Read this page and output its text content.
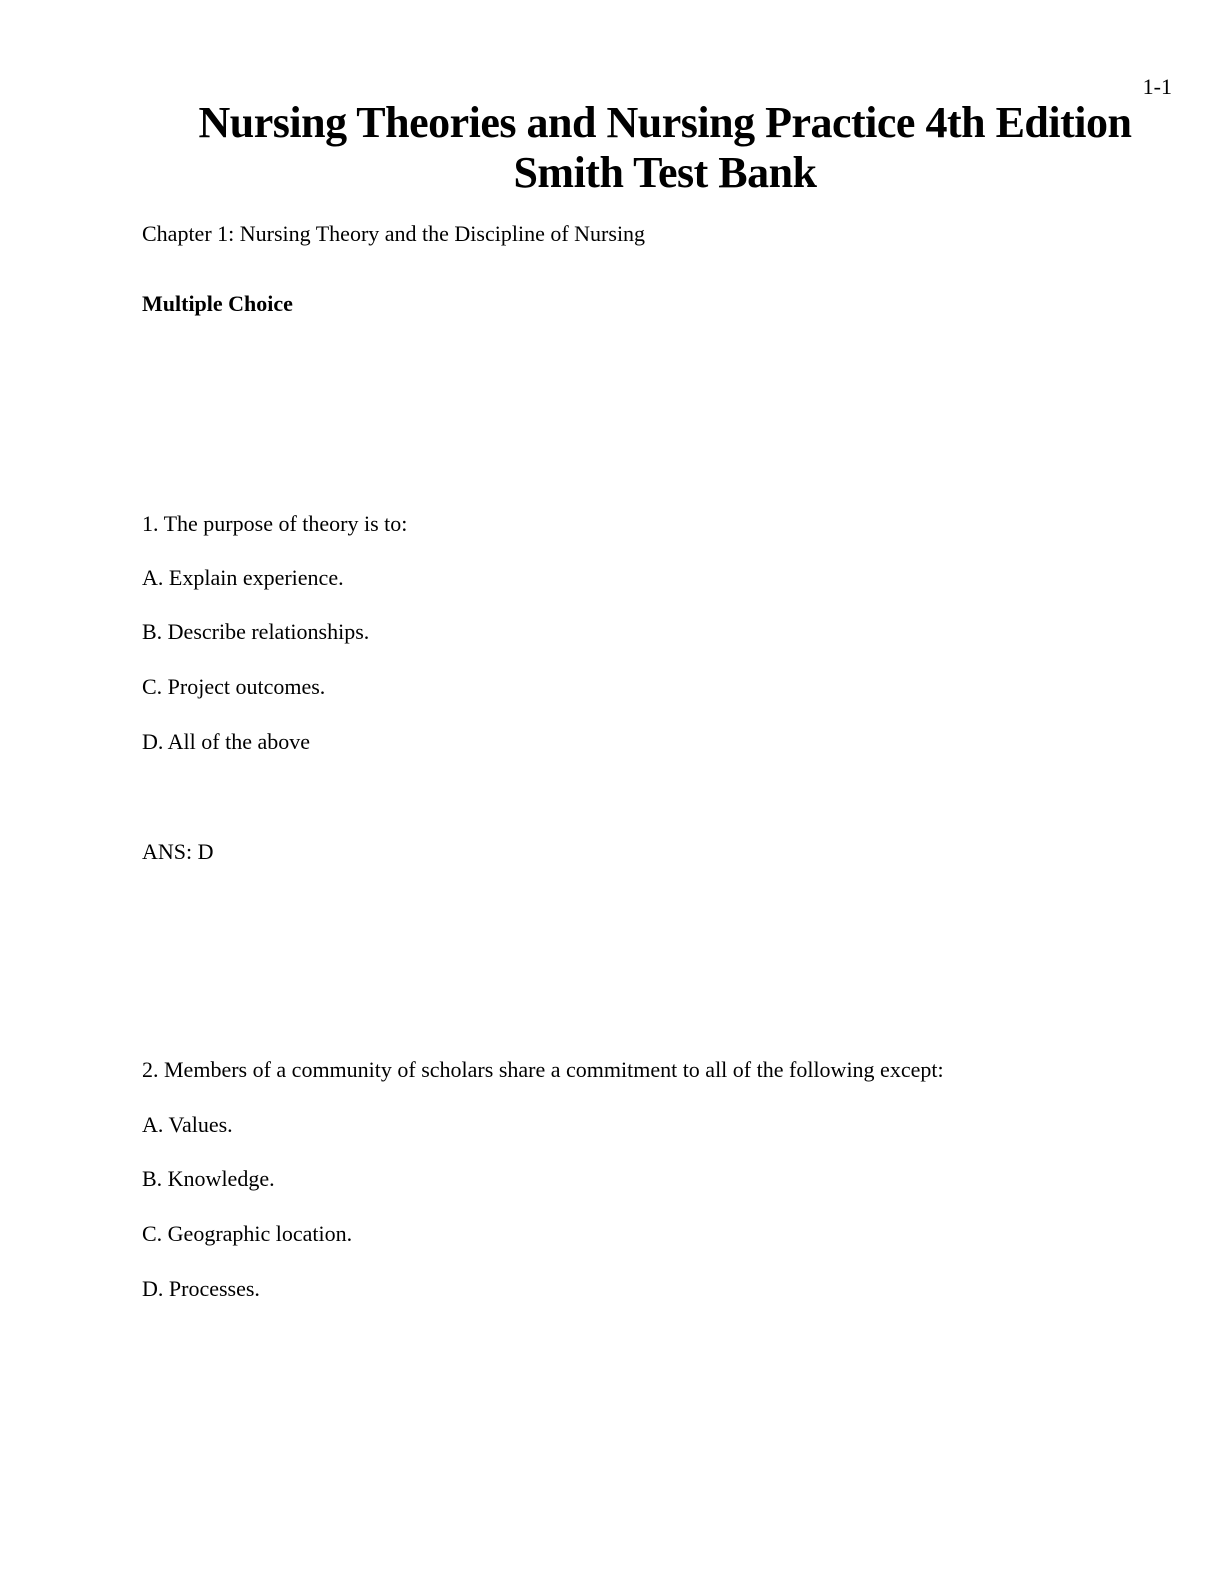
1-1
Nursing Theories and Nursing Practice 4th Edition
Smith Test Bank
Chapter 1: Nursing Theory and the Discipline of Nursing
Multiple Choice
1. The purpose of theory is to:
A. Explain experience.
B. Describe relationships.
C. Project outcomes.
D. All of the above
ANS: D
2. Members of a community of scholars share a commitment to all of the following except:
A. Values.
B. Knowledge.
C. Geographic location.
D. Processes.
